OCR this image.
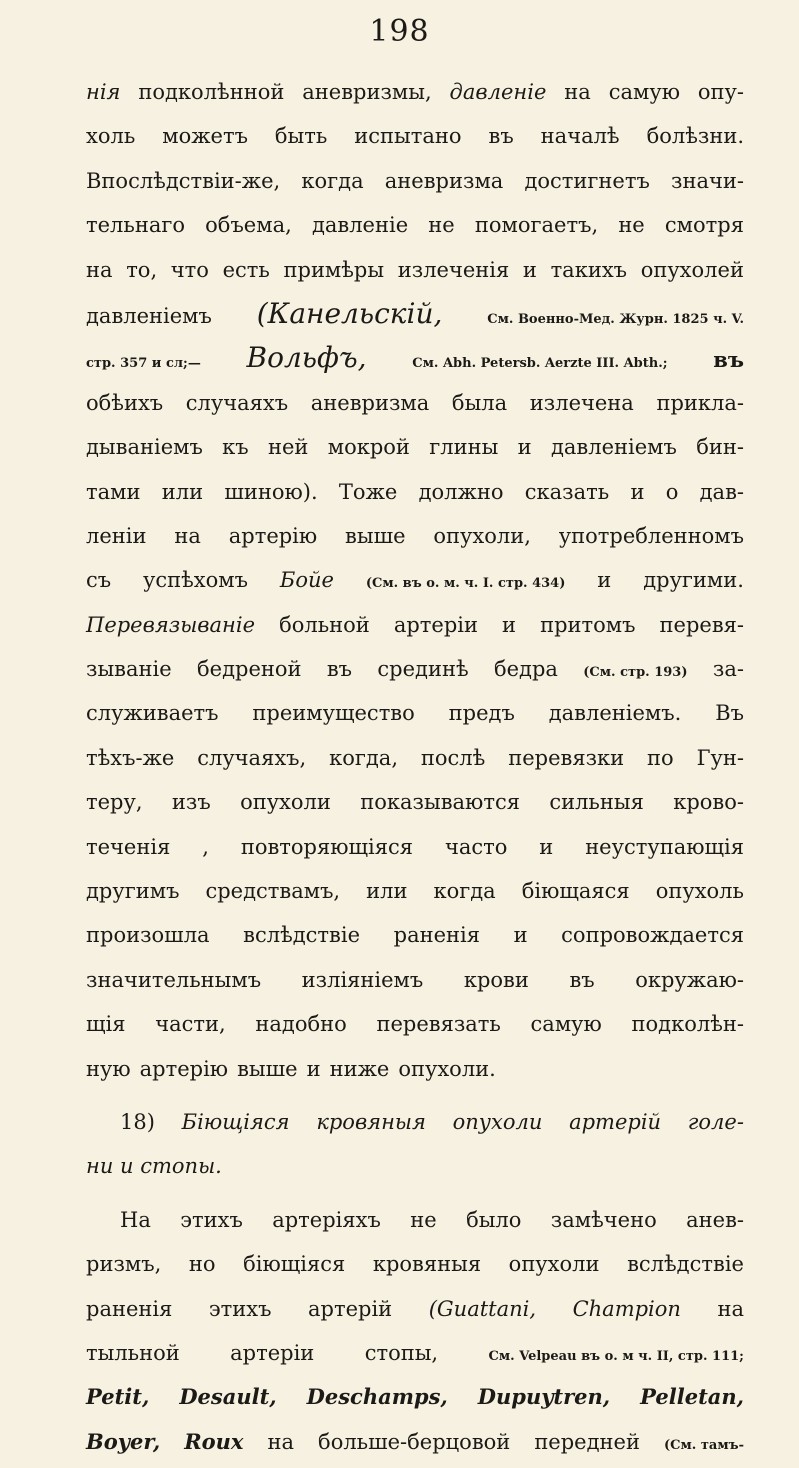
198
нія подколѣнной аневризмы, давленіе на самую опу-
холь можетъ быть испытано въ началѣ болѣзни.
Впослѣдствіи-же, когда аневризма достигнетъ значи-
тельнаго объема, давленіе не помогаетъ, не смотря
на то, что есть примѣры излеченія и такихъ опухолей
давленіемъ (Канельскій,	См. Военно-Мед. Журн. 1825 ч. V.
стр. 357 и сл;— Вольфъ,	См. Abh. Petersb. Aerzte III. Abth.; въ
обѣихъ случаяхъ аневризма была излечена прикла-
дываніемъ къ ней мокрой глины и давленіемъ бин-
тами или шиною). Тоже должно сказать и о дав-
леніи на артерію выше опухоли, употребленномъ
съ успѣхомъ Бойе (См. въ о. м. ч. I. стр. 434) и другими.
Перевязываніе больной артеріи и притомъ перевя-
зываніе бедреной въ срединѣ бедра (См. стр. 193) за-
служиваетъ преимущество предъ давленіемъ. Въ
тѣхъ-же случаяхъ, когда, послѣ перевязки по Гун-
теру, изъ опухоли показываются сильныя крово-
теченія , повторяющіяся часто и неуступающія
другимъ средствамъ, или когда біющаяся опухоль
произошла вслѣдствіе раненія и сопровождается
значительнымъ изліяніемъ крови въ окружаю-
щія части, надобно перевязать самую подколѣн-
ную артерію выше и ниже опухоли.
18) Біющіяся кровяныя опухоли артерій голе-
ни и стопы.
На этихъ артеріяхъ не было замѣчено анев-
ризмъ, но біющіяся кровяныя опухоли вслѣдствіе
раненія этихъ артерій (Guattani, Champion на
тыльной артеріи стопы,	См. Velpeau въ о. м ч. II, стр. 111;
Petit, Desault, Deschamps, Dupuytren, Pelletan,
Boyer, Roux на больше-берцовой передней (См. тамъ-
